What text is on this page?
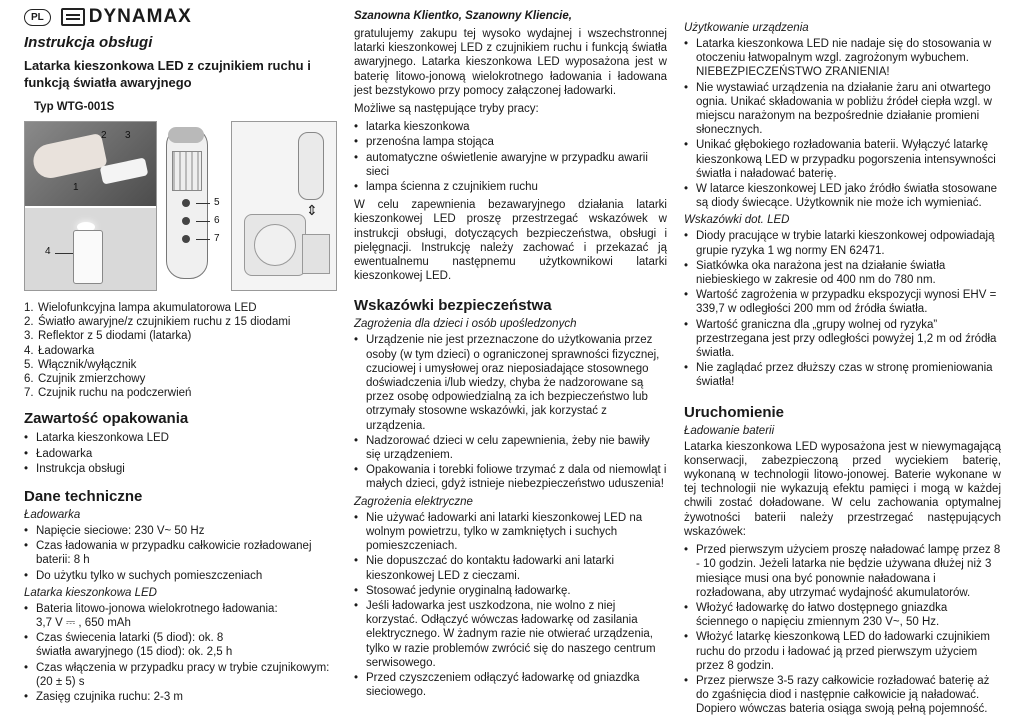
PL	DYNAMAX
Instrukcja obsługi
Latarka kieszonkowa LED z czujnikiem ruchu i funkcją światła awaryjnego
Typ WTG-001S
2 3
1
4
5
6
7
⇕
1. Wielofunkcyjna lampa akumulatorowa LED
2. Światło awaryjne/z czujnikiem ruchu z 15 diodami
3. Reflektor z 5 diodami (latarka)
4. Ładowarka
5. Włącznik/wyłącznik
6. Czujnik zmierzchowy
7. Czujnik ruchu na podczerwień
Zawartość opakowania
• Latarka kieszonkowa LED
• Ładowarka
• Instrukcja obsługi
Dane techniczne
Ładowarka
• Napięcie sieciowe: 230 V~ 50 Hz
• Czas ładowania w przypadku całkowicie rozładowanej baterii: 8 h
• Do użytku tylko w suchych pomieszczeniach
Latarka kieszonkowa LED
• Bateria litowo-jonowa wielokrotnego ładowania:
3,7 V ⎓ , 650 mAh
• Czas świecenia latarki (5 diod): ok. 8
światła awaryjnego (15 diod): ok. 2,5 h
• Czas włączenia w przypadku pracy w trybie czujnikowym: (20 ± 5) s
• Zasięg czujnika ruchu: 2-3 m
Szanowna Klientko, Szanowny Kliencie,

gratulujemy zakupu tej wysoko wydajnej i wszechstronnej latarki kieszonkowej LED z czujnikiem ruchu i funkcją światła awaryjnego. Latarka kieszonkowa LED wyposażona jest w baterię litowo-jonową wielokrotnego ładowania i ładowana jest bezstykowo przy pomocy załączonej ładowarki.

Możliwe są następujące tryby pracy:

• latarka kieszonkowa
• przenośna lampa stojąca
• automatyczne oświetlenie awaryjne w przypadku awarii sieci
• lampa ścienna z czujnikiem ruchu

W celu zapewnienia bezawaryjnego działania latarki kieszonkowej LED proszę przestrzegać wskazówek w instrukcji obsługi, dotyczących bezpieczeństwa, obsługi i pielęgnacji. Instrukcję należy zachować i przekazać ją ewentualnemu następnemu użytkownikowi latarki kieszonkowej LED.

Wskazówki bezpieczeństwa
Zagrożenia dla dzieci i osób upośledzonych
• Urządzenie nie jest przeznaczone do użytkowania przez osoby (w tym dzieci) o ograniczonej sprawności fizycznej, czuciowej i umysłowej oraz nieposiadające stosownego doświadczenia i/lub wiedzy, chyba że nadzorowane są przez osobę odpowiedzialną za ich bezpieczeństwo lub otrzymały stosowne wskazówki, jak korzystać z urządzenia.
• Nadzorować dzieci w celu zapewnienia, żeby nie bawiły się urządzeniem.
• Opakowania i torebki foliowe trzymać z dala od niemowląt i małych dzieci, gdyż istnieje niebezpieczeństwo uduszenia!
Zagrożenia elektryczne
• Nie używać ładowarki ani latarki kieszonkowej LED na wolnym powietrzu, tylko w zamkniętych i suchych pomieszczeniach.
• Nie dopuszczać do kontaktu ładowarki ani latarki kieszonkowej LED z cieczami.
• Stosować jedynie oryginalną ładowarkę.
• Jeśli ładowarka jest uszkodzona, nie wolno z niej korzystać. Odłączyć wówczas ładowarkę od zasilania elektrycznego. W żadnym razie nie otwierać urządzenia, tylko w razie problemów zwrócić się do naszego centrum serwisowego.
• Przed czyszczeniem odłączyć ładowarkę od gniazdka sieciowego.
Użytkowanie urządzenia
• Latarka kieszonkowa LED nie nadaje się do stosowania w otoczeniu łatwopalnym wzgl. zagrożonym wybuchem. NIEBEZPIECZEŃSTWO ZRANIENIA!
• Nie wystawiać urządzenia na działanie żaru ani otwartego ognia. Unikać składowania w pobliżu źródeł ciepła wzgl. w miejscu narażonym na bezpośrednie działanie promieni słonecznych.
• Unikać głębokiego rozładowania baterii. Wyłączyć latarkę kieszonkową LED w przypadku pogorszenia intensywności światła i naładować baterię.
• W latarce kieszonkowej LED jako źródło światła stosowane są diody świecące. Użytkownik nie może ich wymieniać.
Wskazówki dot. LED
• Diody pracujące w trybie latarki kieszonkowej odpowiadają grupie ryzyka 1 wg normy EN 62471.
• Siatkówka oka narażona jest na działanie światła niebieskiego w zakresie od 400 nm do 780 nm.
• Wartość zagrożenia w przypadku ekspozycji wynosi EHV = 339,7 w odległości 200 mm od źródła światła.
• Wartość graniczna dla „grupy wolnej od ryzyka” przestrzegana jest przy odległości powyżej 1,2 m od źródła światła.
• Nie zaglądać przez dłuższy czas w stronę promieniowania światła!
Uruchomienie
Ładowanie baterii

Latarka kieszonkowa LED wyposażona jest w niewymagającą konserwacji, zabezpieczoną przed wyciekiem baterię, wykonaną w technologii litowo-jonowej. Baterie wykonane w tej technologii nie wykazują efektu pamięci i mogą w każdej chwili zostać doładowane. W celu zachowania optymalnej żywotności baterii należy przestrzegać następujących wskazówek:

• Przed pierwszym użyciem proszę naładować lampę przez 8 - 10 godzin. Jeżeli latarka nie będzie używana dłużej niż 3 miesiące musi ona być ponownie naładowana i rozładowana, aby utrzymać wydajność akumulatorów.
• Włożyć ładowarkę do łatwo dostępnego gniazdka ściennego o napięciu zmiennym 230 V~, 50 Hz.
• Włożyć latarkę kieszonkową LED do ładowarki czujnikiem ruchu do przodu i ładować ją przed pierwszym użyciem przez 8 godzin.
• Przez pierwsze 3-5 razy całkowicie rozładować baterię aż do zgaśnięcia diod i następnie całkowicie ją naładować. Dopiero wówczas bateria osiąga swoją pełną pojemność.
